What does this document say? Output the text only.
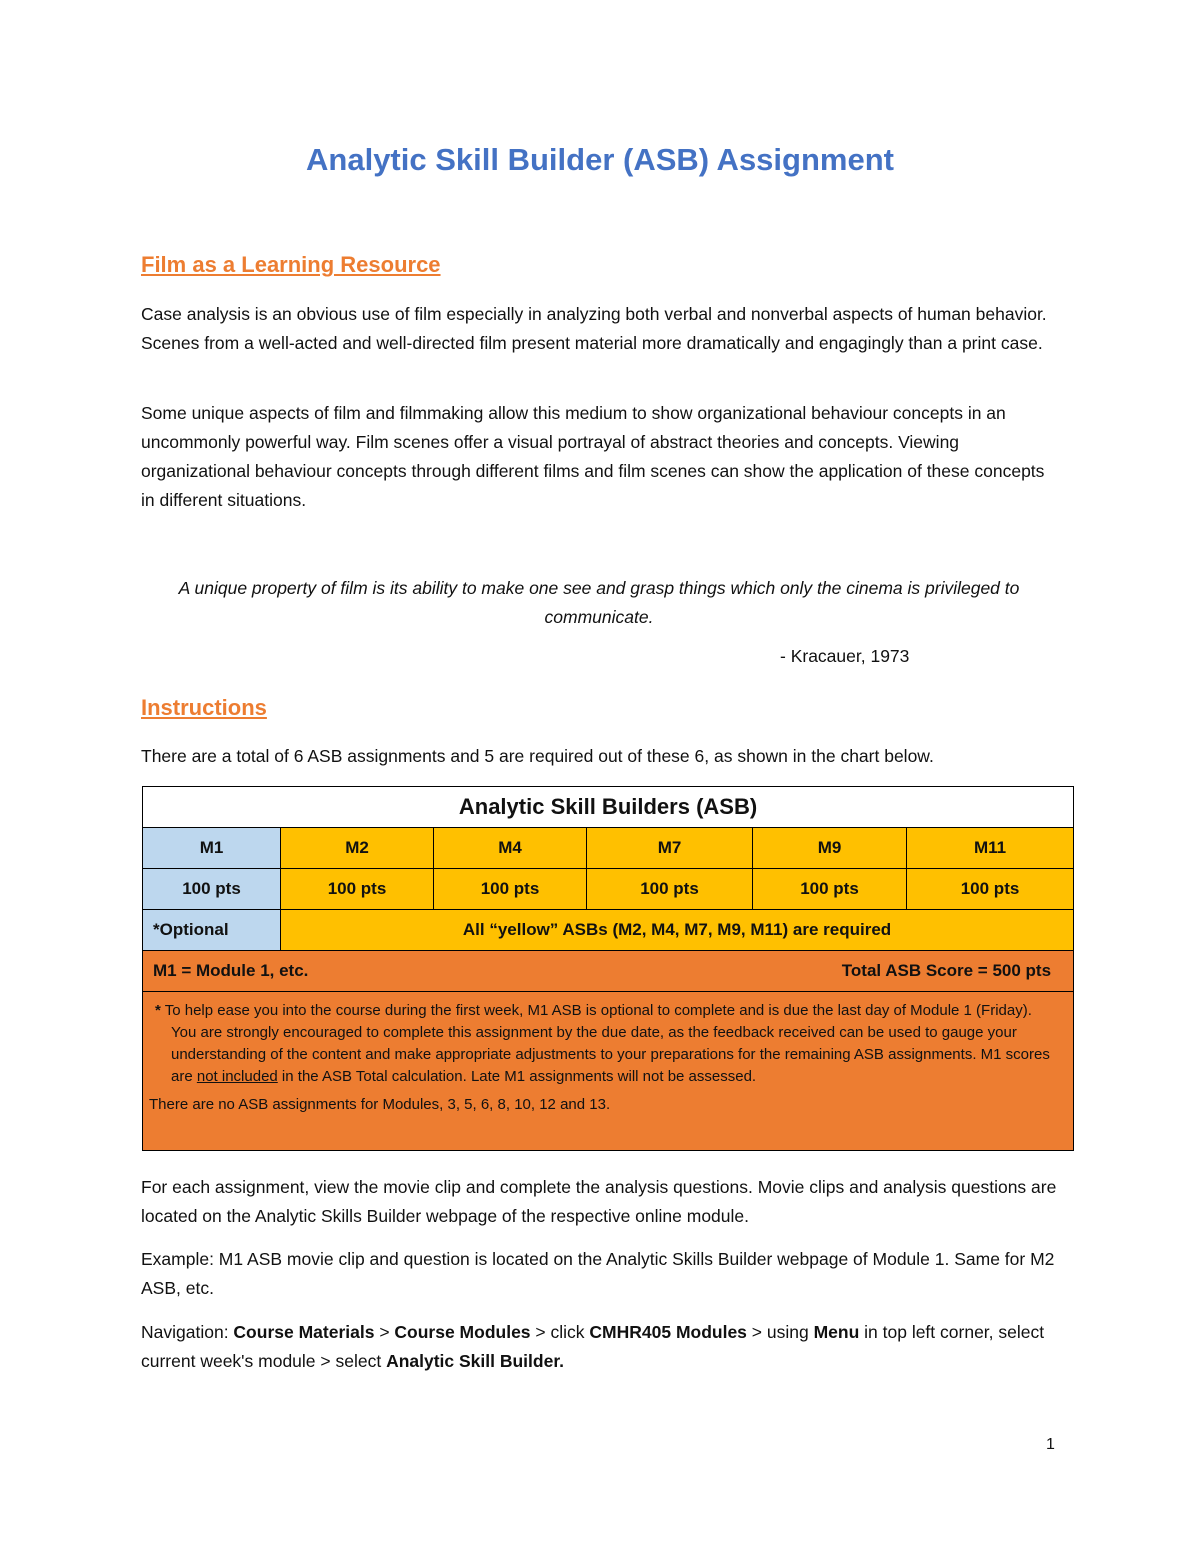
Analytic Skill Builder (ASB) Assignment
Film as a Learning Resource
Case analysis is an obvious use of film especially in analyzing both verbal and nonverbal aspects of human behavior. Scenes from a well-acted and well-directed film present material more dramatically and engagingly than a print case.
Some unique aspects of film and filmmaking allow this medium to show organizational behaviour concepts in an uncommonly powerful way. Film scenes offer a visual portrayal of abstract theories and concepts. Viewing organizational behaviour concepts through different films and film scenes can show the application of these concepts in different situations.
A unique property of film is its ability to make one see and grasp things which only the cinema is privileged to communicate.
- Kracauer, 1973
Instructions
There are a total of 6 ASB assignments and 5 are required out of these 6, as shown in the chart below.
Analytic Skill Builders (ASB)					
M1	M2	M4	M7	M9	M11
100 pts	100 pts	100 pts	100 pts	100 pts	100 pts
*Optional	All “yellow” ASBs (M2, M4, M7, M9, M11) are required				

M1 = Module 1, etc. Total ASB Score = 500 pts					

* To help ease you into the course during the first week, M1 ASB is optional to complete and is due the last day of Module 1 (Friday). You are strongly encouraged to complete this assignment by the due date, as the feedback received can be used to gauge your understanding of the content and make appropriate adjustments to your preparations for the remaining ASB assignments. M1 scores are not included in the ASB Total calculation. Late M1 assignments will not be assessed.
There are no ASB assignments for Modules, 3, 5, 6, 8, 10, 12 and 13.					
For each assignment, view the movie clip and complete the analysis questions. Movie clips and analysis questions are located on the Analytic Skills Builder webpage of the respective online module.
Example: M1 ASB movie clip and question is located on the Analytic Skills Builder webpage of Module 1. Same for M2 ASB, etc.
Navigation: Course Materials > Course Modules > click CMHR405 Modules > using Menu in top left corner, select current week's module > select Analytic Skill Builder.
1
